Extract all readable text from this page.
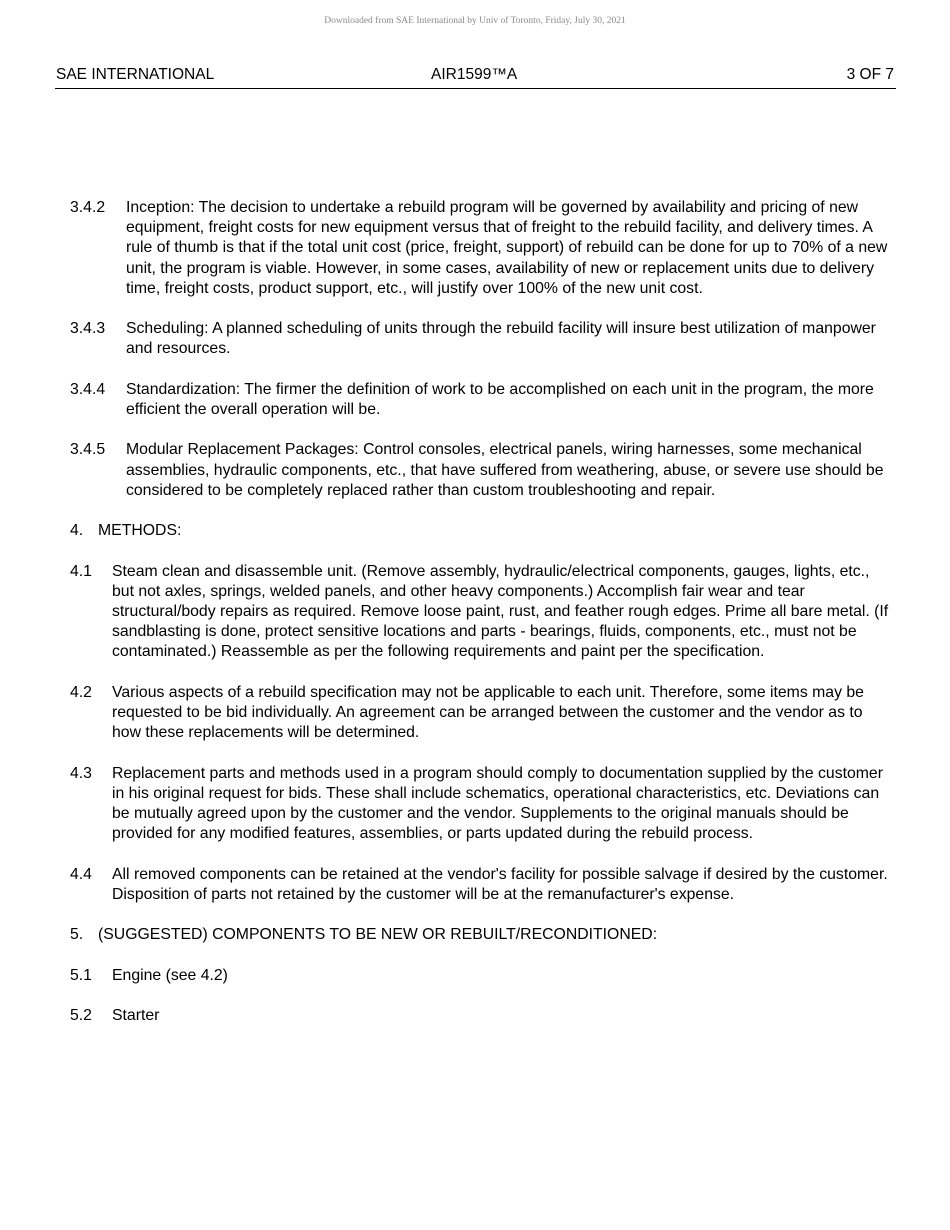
Downloaded from SAE International by Univ of Toronto, Friday, July 30, 2021
SAE INTERNATIONAL	AIR1599™A	3 OF 7
3.4.2 Inception: The decision to undertake a rebuild program will be governed by availability and pricing of new equipment, freight costs for new equipment versus that of freight to the rebuild facility, and delivery times. A rule of thumb is that if the total unit cost (price, freight, support) of rebuild can be done for up to 70% of a new unit, the program is viable. However, in some cases, availability of new or replacement units due to delivery time, freight costs, product support, etc., will justify over 100% of the new unit cost.
3.4.3 Scheduling: A planned scheduling of units through the rebuild facility will insure best utilization of manpower and resources.
3.4.4 Standardization: The firmer the definition of work to be accomplished on each unit in the program, the more efficient the overall operation will be.
3.4.5 Modular Replacement Packages: Control consoles, electrical panels, wiring harnesses, some mechanical assemblies, hydraulic components, etc., that have suffered from weathering, abuse, or severe use should be considered to be completely replaced rather than custom troubleshooting and repair.
4. METHODS:
4.1 Steam clean and disassemble unit. (Remove assembly, hydraulic/electrical components, gauges, lights, etc., but not axles, springs, welded panels, and other heavy components.) Accomplish fair wear and tear structural/body repairs as required. Remove loose paint, rust, and feather rough edges. Prime all bare metal. (If sandblasting is done, protect sensitive locations and parts - bearings, fluids, components, etc., must not be contaminated.) Reassemble as per the following requirements and paint per the specification.
4.2 Various aspects of a rebuild specification may not be applicable to each unit. Therefore, some items may be requested to be bid individually. An agreement can be arranged between the customer and the vendor as to how these replacements will be determined.
4.3 Replacement parts and methods used in a program should comply to documentation supplied by the customer in his original request for bids. These shall include schematics, operational characteristics, etc. Deviations can be mutually agreed upon by the customer and the vendor. Supplements to the original manuals should be provided for any modified features, assemblies, or parts updated during the rebuild process.
4.4 All removed components can be retained at the vendor's facility for possible salvage if desired by the customer. Disposition of parts not retained by the customer will be at the remanufacturer's expense.
5. (SUGGESTED) COMPONENTS TO BE NEW OR REBUILT/RECONDITIONED:
5.1 Engine (see 4.2)
5.2 Starter
